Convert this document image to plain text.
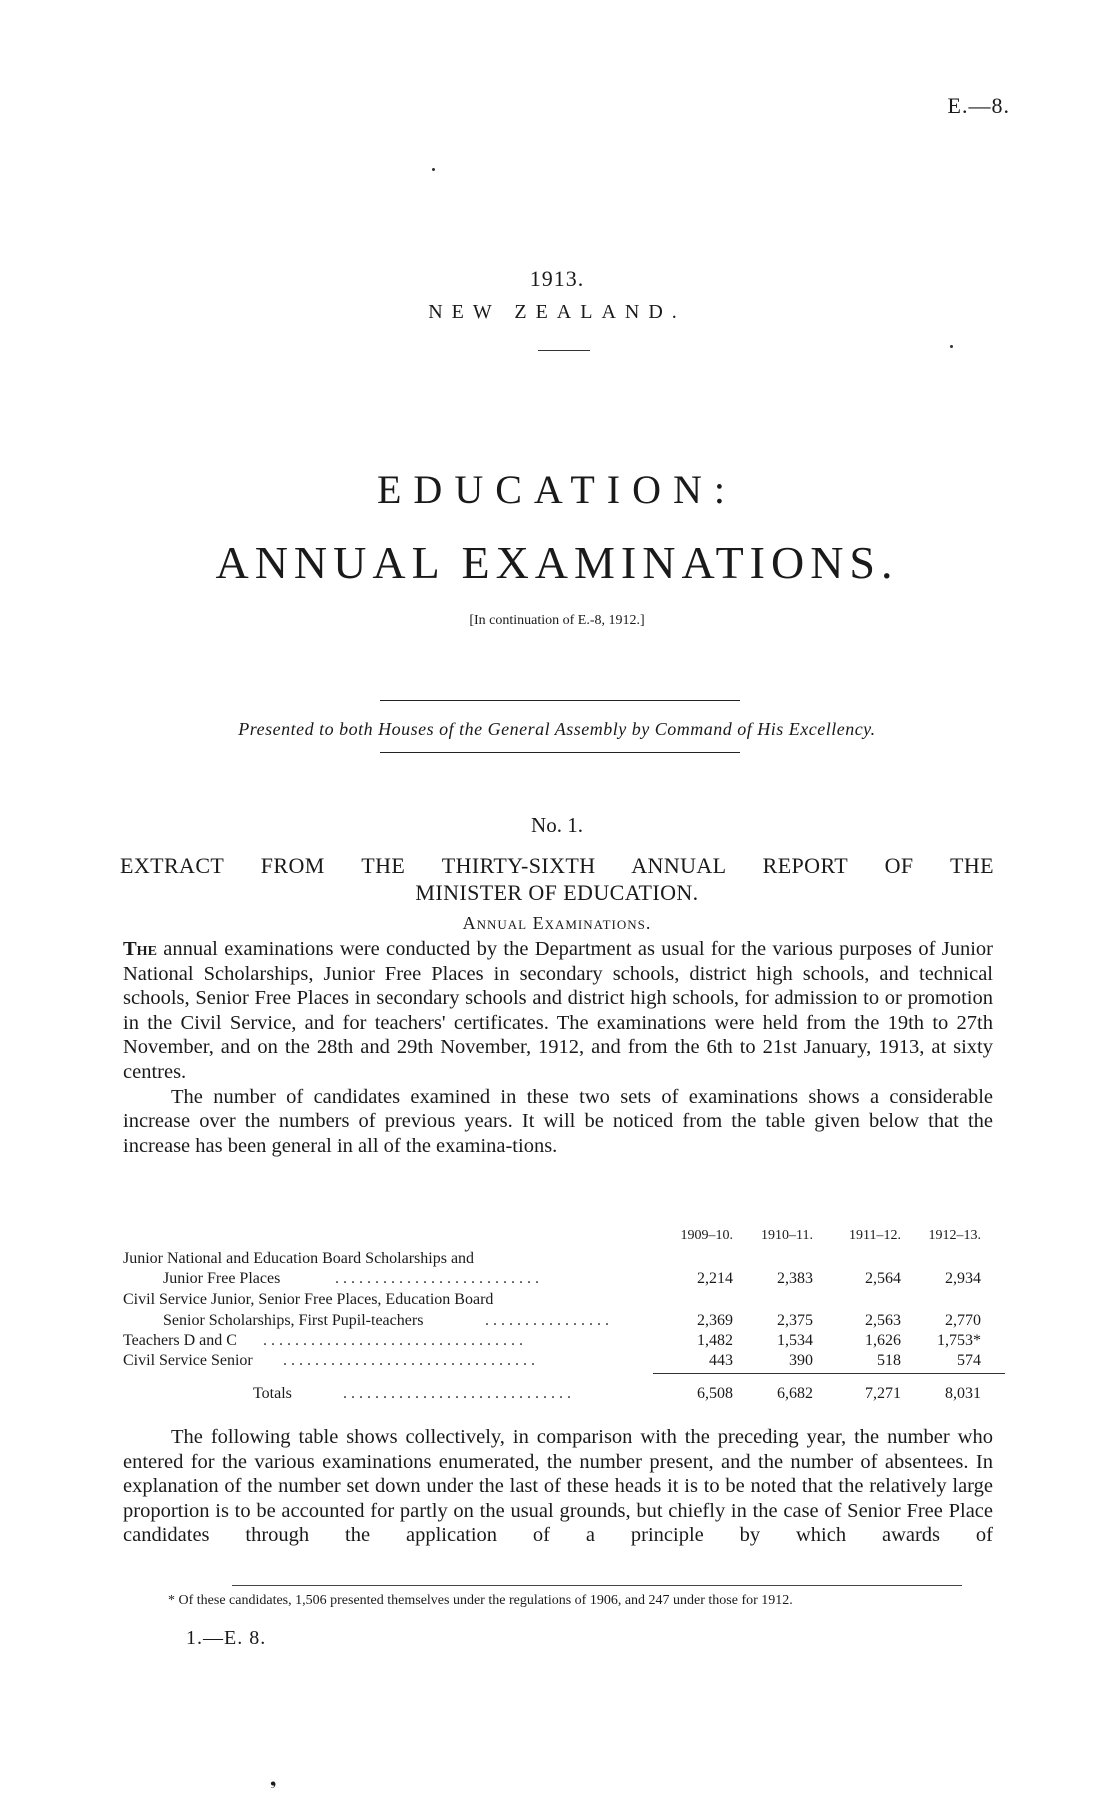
E.—8.
1913.
NEW ZEALAND.
EDUCATION:
ANNUAL EXAMINATIONS.
[In continuation of E.-8, 1912.]
Presented to both Houses of the General Assembly by Command of His Excellency.
No. 1.
EXTRACT FROM THE THIRTY-SIXTH ANNUAL REPORT OF THE
MINISTER OF EDUCATION.
Annual Examinations.

The annual examinations were conducted by the Department as usual for the various purposes of Junior National Scholarships, Junior Free Places in secondary schools, district high schools, and technical schools, Senior Free Places in secondary schools and district high schools, for admission to or promotion in the Civil Service, and for teachers' certificates. The examinations were held from the 19th to 27th November, and on the 28th and 29th November, 1912, and from the 6th to 21st January, 1913, at sixty centres.

The number of candidates examined in these two sets of examinations shows a considerable increase over the numbers of previous years. It will be noticed from the table given below that the increase has been general in all of the examina-tions.

1909–10.	1910–11.	1911–12.	1912–13.
Junior National and Education Board Scholarships and
. . . . . . . . . . . . . . . . . . . . . . . . . .
Junior Free Places	2,214	2,383	2,564	2,934
Civil Service Junior, Senior Free Places, Education Board
. . . . . . . . . . . . . . . .
Senior Scholarships, First Pupil-teachers	2,369	2,375	2,563	2,770
. . . . . . . . . . . . . . . . . . . . . . . . . . . . . . . . .
Teachers D and C	1,482	1,534	1,626	1,753*
. . . . . . . . . . . . . . . . . . . . . . . . . . . . . . . .
Civil Service Senior	443	390	518	574
. . . . . . . . . . . . . . . . . . . . . . . . . . . . .
Totals	6,508	6,682	7,271	8,031

The following table shows collectively, in comparison with the preceding year, the number who entered for the various examinations enumerated, the number present, and the number of absentees. In explanation of the number set down under the last of these heads it is to be noted that the relatively large proportion is to be accounted for partly on the usual grounds, but chiefly in the case of Senior Free Place candidates through the application of a principle by which awards of

* Of these candidates, 1,506 presented themselves under the regulations of 1906, and 247 under those for 1912.
1.—E. 8.
❟
